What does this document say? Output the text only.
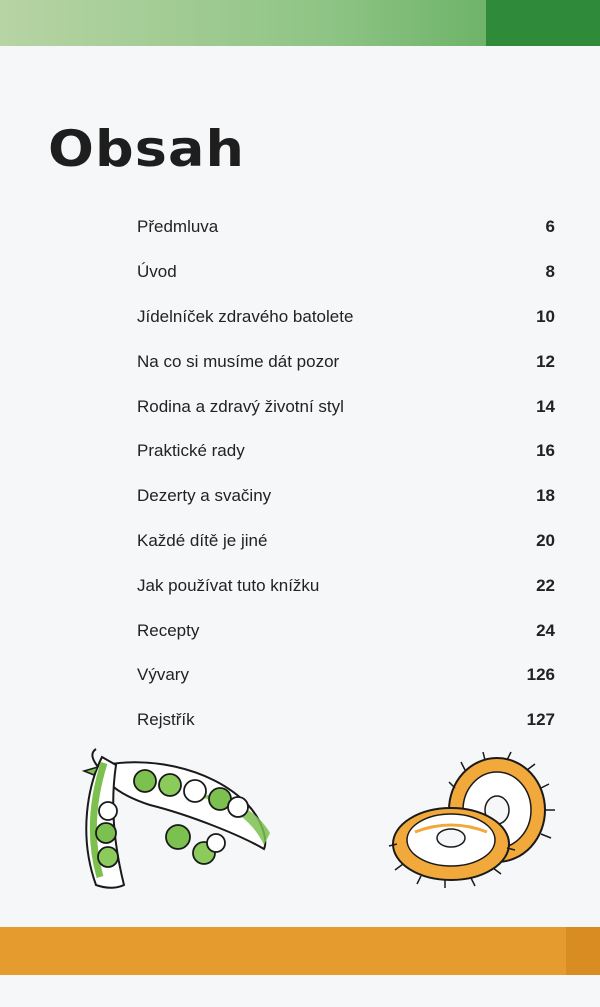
Obsah
Předmluva	6
Úvod	8
Jídelníček zdravého batolete	10
Na co si musíme dát pozor	12
Rodina a zdravý životní styl	14
Praktické rady	16
Dezerty a svačiny	18
Každé dítě je jiné	20
Jak používat tuto knížku	22
Recepty	24
Vývary	126
Rejstřík	127
